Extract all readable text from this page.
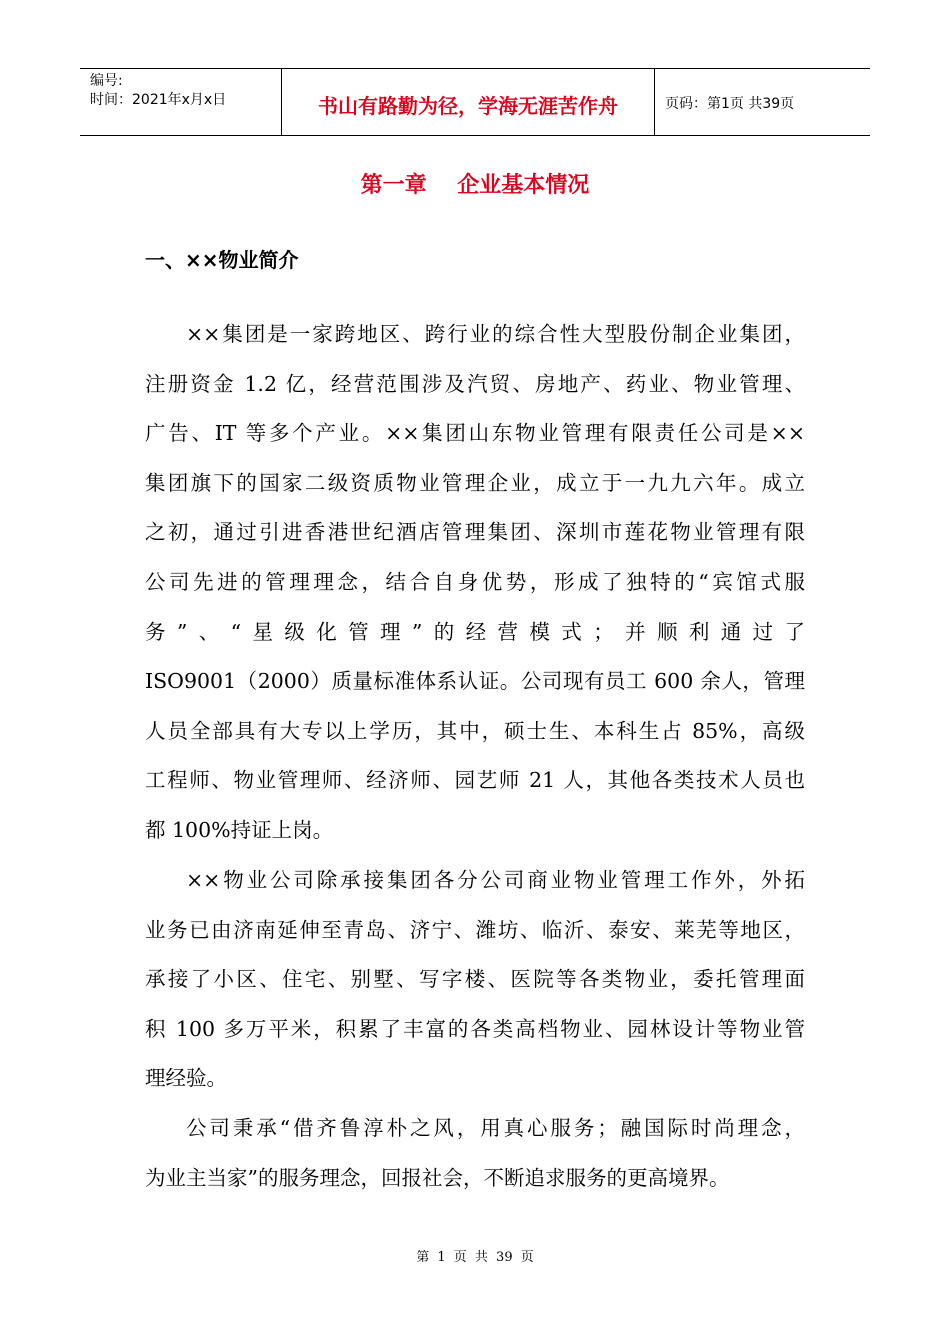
编号:
时间：2021年x月x日	书山有路勤为径，学海无涯苦作舟	页码：第1页 共39页
第一章    企业基本情况
一、××物业简介
××集团是一家跨地区、跨行业的综合性大型股份制企业集团，
注册资金 1.2 亿，经营范围涉及汽贸、房地产、药业、物业管理、
广告、IT 等多个产业。××集团山东物业管理有限责任公司是××
集团旗下的国家二级资质物业管理企业，成立于一九九六年。成立
之初，通过引进香港世纪酒店管理集团、深圳市莲花物业管理有限
公司先进的管理理念，结合自身优势，形成了独特的“宾馆式服
务”、“星级化管理”的经营模式；并顺利通过了
ISO9001（2000）质量标准体系认证。公司现有员工 600 余人，管理
人员全部具有大专以上学历，其中，硕士生、本科生占 85%，高级
工程师、物业管理师、经济师、园艺师 21 人，其他各类技术人员也
都 100%持证上岗。
××物业公司除承接集团各分公司商业物业管理工作外，外拓
业务已由济南延伸至青岛、济宁、潍坊、临沂、泰安、莱芜等地区，
承接了小区、住宅、别墅、写字楼、医院等各类物业，委托管理面
积 100 多万平米，积累了丰富的各类高档物业、园林设计等物业管
理经验。
公司秉承“借齐鲁淳朴之风，用真心服务；融国际时尚理念，
为业主当家”的服务理念，回报社会，不断追求服务的更高境界。
第 1 页 共 39 页
